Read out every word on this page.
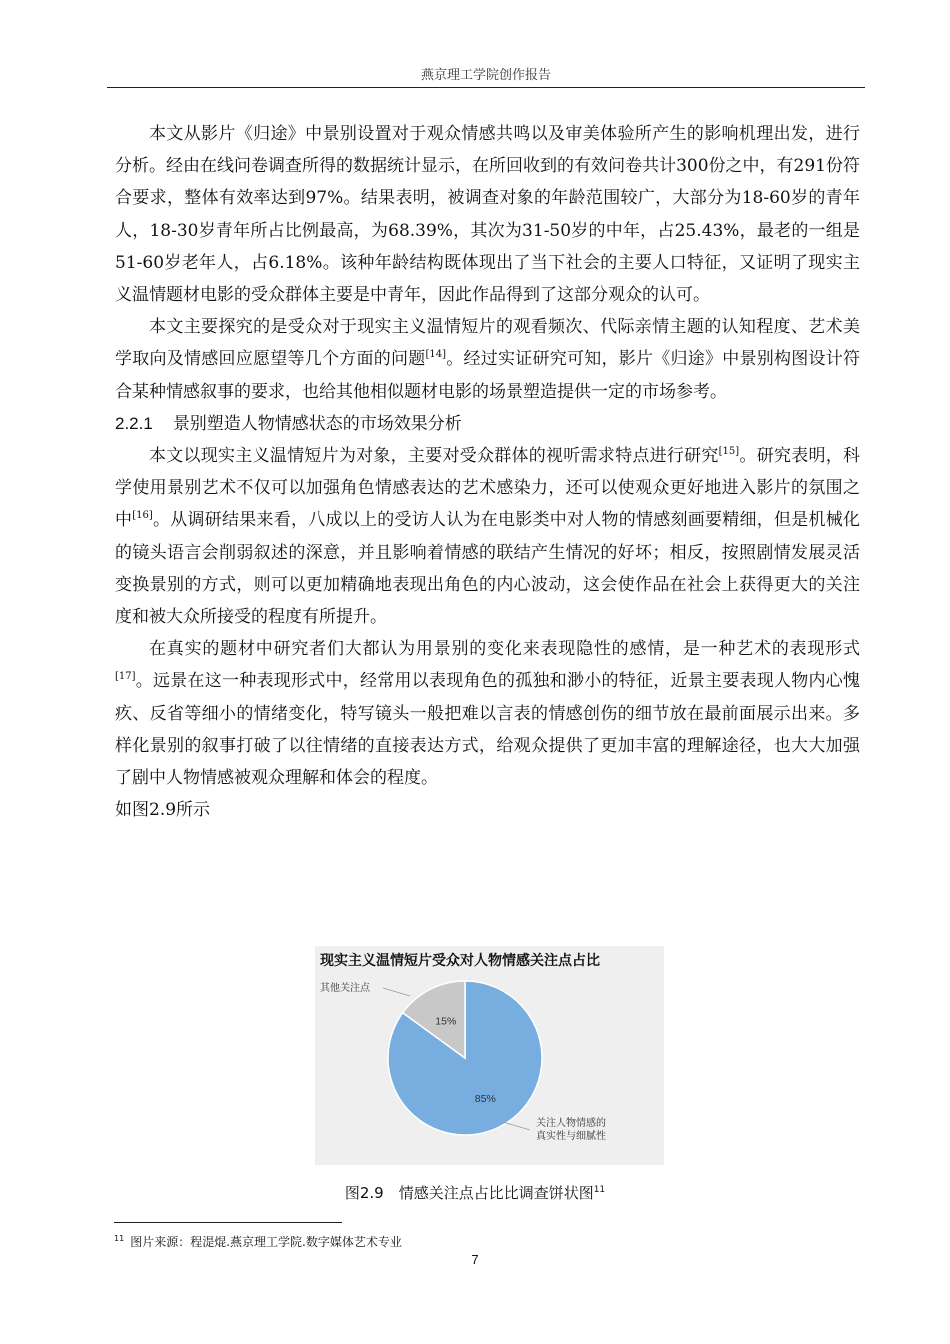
燕京理工学院创作报告

本文从影片《归途》中景别设置对于观众情感共鸣以及审美体验所产生的影响机理出发，进行分析。经由在线问卷调查所得的数据统计显示，在所回收到的有效问卷共计300份之中，有291份符合要求，整体有效率达到97%。结果表明，被调查对象的年龄范围较广，大部分为18-60岁的青年人，18-30岁青年所占比例最高，为68.39%，其次为31-50岁的中年，占25.43%，最老的一组是51-60岁老年人，占6.18%。该种年龄结构既体现出了当下社会的主要人口特征，又证明了现实主义温情题材电影的受众群体主要是中青年，因此作品得到了这部分观众的认可。

本文主要探究的是受众对于现实主义温情短片的观看频次、代际亲情主题的认知程度、艺术美学取向及情感回应愿望等几个方面的问题[14]。经过实证研究可知，影片《归途》中景别构图设计符合某种情感叙事的要求，也给其他相似题材电影的场景塑造提供一定的市场参考。

2.2.1 景别塑造人物情感状态的市场效果分析

本文以现实主义温情短片为对象，主要对受众群体的视听需求特点进行研究[15]。研究表明，科学使用景别艺术不仅可以加强角色情感表达的艺术感染力，还可以使观众更好地进入影片的氛围之中[16]。从调研结果来看，八成以上的受访人认为在电影类中对人物的情感刻画要精细，但是机械化的镜头语言会削弱叙述的深意，并且影响着情感的联结产生情况的好坏；相反，按照剧情发展灵活变换景别的方式，则可以更加精确地表现出角色的内心波动，这会使作品在社会上获得更大的关注度和被大众所接受的程度有所提升。

在真实的题材中研究者们大都认为用景别的变化来表现隐性的感情，是一种艺术的表现形式[17]。远景在这一种表现形式中，经常用以表现角色的孤独和渺小的特征，近景主要表现人物内心愧疚、反省等细小的情绪变化，特写镜头一般把难以言表的情感创伤的细节放在最前面展示出来。多样化景别的叙事打破了以往情绪的直接表达方式，给观众提供了更加丰富的理解途径，也大大加强了剧中人物情感被观众理解和体会的程度。

如图2.9所示

85%
15%
其他关注点
关注人物情感的
真实性与细腻性
现实主义温情短片受众对人物情感关注点占比
图2.9　情感关注点占比比调查饼状图$^{11}$
$^{11}$ 图片来源：程湜焜.燕京理工学院.数字媒体艺术专业
7
